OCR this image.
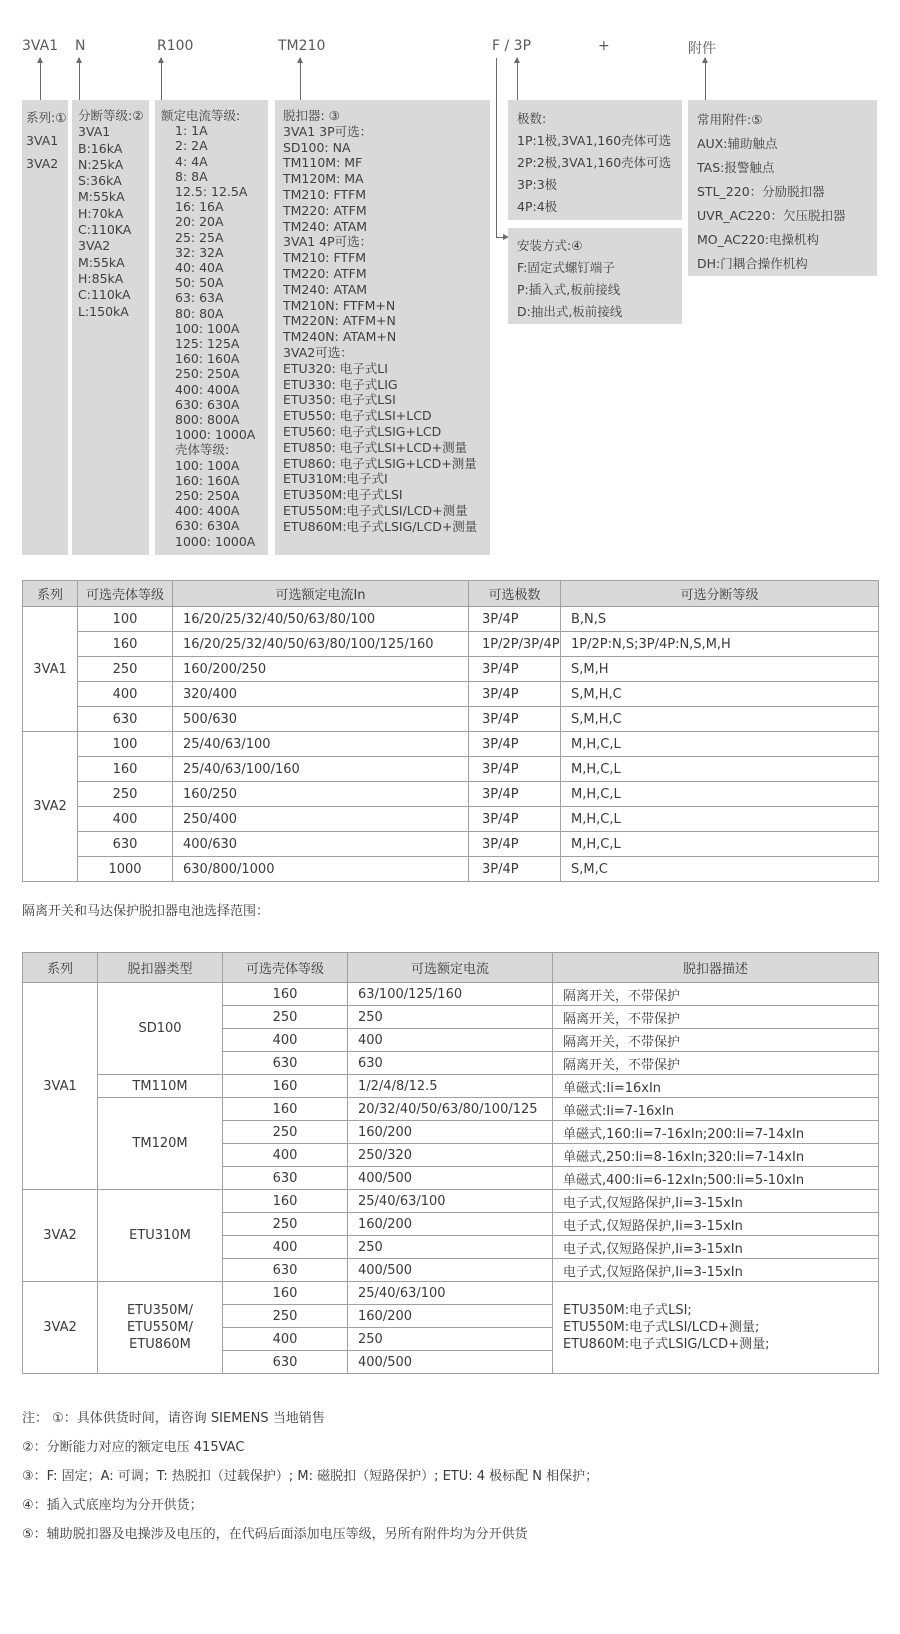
3VA1 N	R100	TM210	F / 3P	+	附件
系列:①
3VA1
3VA2
分断等级:②
3VA1
B:16kA
N:25kA
S:36kA
M:55kA
H:70kA
C:110KA
3VA2
M:55kA
H:85kA
C:110kA
L:150kA
额定电流等级:
1: 1A
2: 2A
4: 4A
8: 8A
12.5: 12.5A
16: 16A
20: 20A
25: 25A
32: 32A
40: 40A
50: 50A
63: 63A
80: 80A
100: 100A
125: 125A
160: 160A
250: 250A
400: 400A
630: 630A
800: 800A
1000: 1000A
壳体等级:
100: 100A
160: 160A
250: 250A
400: 400A
630: 630A
1000: 1000A
脱扣器: ③
3VA1 3P可选：
SD100: NA
TM110M: MF
TM120M: MA
TM210: FTFM
TM220: ATFM
TM240: ATAM
3VA1 4P可选：
TM210: FTFM
TM220: ATFM
TM240: ATAM
TM210N: FTFM+N
TM220N: ATFM+N
TM240N: ATAM+N
3VA2可选：
ETU320: 电子式LI
ETU330: 电子式LIG
ETU350: 电子式LSI
ETU550: 电子式LSI+LCD
ETU560: 电子式LSIG+LCD
ETU850: 电子式LSI+LCD+测量
ETU860: 电子式LSIG+LCD+测量
ETU310M:电子式I
ETU350M:电子式LSI
ETU550M:电子式LSI/LCD+测量
ETU860M:电子式LSIG/LCD+测量
极数:
1P:1极,3VA1,160壳体可选
2P:2极,3VA1,160壳体可选
3P:3极
4P:4极
安装方式:④
F:固定式螺钉端子
P:插入式,板前接线
D:抽出式,板前接线
常用附件:⑤
AUX:辅助触点
TAS:报警触点
STL_220：分励脱扣器
UVR_AC220：欠压脱扣器
MO_AC220:电操机构
DH:门耦合操作机构
系列	可选壳体等级	可选额定电流In	可选极数	可选分断等级
3VA1	100	16/20/25/32/40/50/63/80/100	3P/4P	B,N,S
	160	16/20/25/32/40/50/63/80/100/125/160	1P/2P/3P/4P	1P/2P:N,S;3P/4P:N,S,M,H
	250	160/200/250	3P/4P	S,M,H
	400	320/400	3P/4P	S,M,H,C
	630	500/630	3P/4P	S,M,H,C
3VA2	100	25/40/63/100	3P/4P	M,H,C,L
	160	25/40/63/100/160	3P/4P	M,H,C,L
	250	160/250	3P/4P	M,H,C,L
	400	250/400	3P/4P	M,H,C,L
	630	400/630	3P/4P	M,H,C,L
	1000	630/800/1000	3P/4P	S,M,C
隔离开关和马达保护脱扣器电池选择范围：
系列	脱扣器类型	可选壳体等级	可选额定电流	脱扣器描述
3VA1	SD100	160	63/100/125/160	隔离开关，不带保护
		250	250	隔离开关，不带保护
		400	400	隔离开关，不带保护
		630	630	隔离开关，不带保护
	TM110M	160	1/2/4/8/12.5	单磁式:Ii=16xIn
	TM120M	160	20/32/40/50/63/80/100/125	单磁式:Ii=7-16xIn
		250	160/200	单磁式,160:Ii=7-16xIn;200:Ii=7-14xIn
		400	250/320	单磁式,250:Ii=8-16xIn;320:Ii=7-14xIn
		630	400/500	单磁式,400:Ii=6-12xIn;500:Ii=5-10xIn
3VA2	ETU310M	160	25/40/63/100	电子式,仅短路保护,Ii=3-15xIn
		250	160/200	电子式,仅短路保护,Ii=3-15xIn
		400	250	电子式,仅短路保护,Ii=3-15xIn
		630	400/500	电子式,仅短路保护,Ii=3-15xIn
3VA2	ETU350M/
ETU550M/
ETU860M	160	25/40/63/100	ETU350M:电子式LSI;
ETU550M:电子式LSI/LCD+测量;
ETU860M:电子式LSIG/LCD+测量;
		250	160/200	
		400	250	
		630	400/500	
注： ①：具体供货时间，请咨询 SIEMENS 当地销售
②：分断能力对应的额定电压 415VAC
③：F: 固定；A: 可调；T: 热脱扣（过载保护）; M: 磁脱扣（短路保护）; ETU: 4 极标配 N 相保护；
④：插入式底座均为分开供货；
⑤：辅助脱扣器及电操涉及电压的，在代码后面添加电压等级，另所有附件均为分开供货
